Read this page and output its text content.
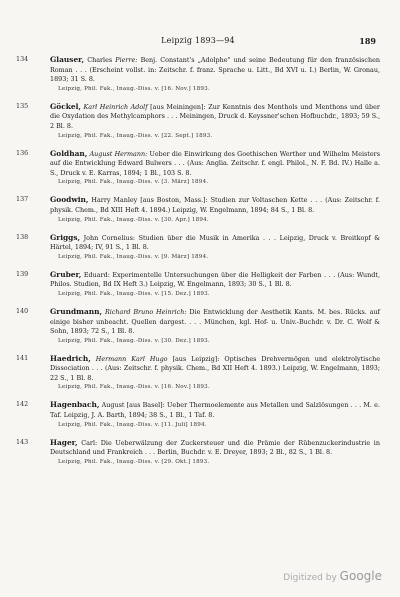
Leipzig 1893—94	189
134	Glauser, Charles Pierre: Benj. Constant's „Adolphe" und seine Bedeutung für den französischen Roman . . . (Erscheint vollst. in: Zeitschr. f. franz. Sprache u. Litt., Bd XVI u. I.) Berlin, W. Gronau, 1893; 31 S. 8.
Leipzig, Phil. Fak., Inaug.-Diss. v. [16. Nov.] 1893.
135	Göckel, Karl Heinrich Adolf [aus Meiningen]: Zur Kenntnis des Menthols und Menthons und über die Oxydation des Methylcamphors . . . Meiningen, Druck d. Keyssner'schen Hofbuchdr., 1893; 59 S., 2 Bl. 8.
Leipzig, Phil. Fak., Inaug.-Diss. v. [22. Sept.] 1893.
136	Goldhan, August Hermann: Ueber die Einwirkung des Goethischen Werther und Wilhelm Meisters auf die Entwicklung Edward Bulwers . . . (Aus: Anglia. Zeitschr. f. engl. Philol., N. F. Bd. IV.) Halle a. S., Druck v. E. Karras, 1894; 1 Bl., 103 S. 8.
Leipzig, Phil. Fak., Inaug.-Diss. v. [3. März] 1894.
137	Goodwin, Harry Manley [aus Boston, Mass.]: Studien zur Voltaschen Kette . . . (Aus: Zeitschr. f. physik. Chem., Bd XIII Heft 4. 1894.) Leipzig, W. Engelmann, 1894; 84 S., 1 Bl. 8.
Leipzig, Phil. Fak., Inaug.-Diss. v. [30. Apr.] 1894.
138	Griggs, John Cornelius: Studien über die Musik in Amerika . . . Leipzig, Druck v. Breitkopf & Härtel, 1894; IV, 91 S., 1 Bl. 8.
Leipzig, Phil. Fak., Inaug.-Diss. v. [9. März] 1894.
139	Gruber, Eduard: Experimentelle Untersuchungen über die Helligkeit der Farben . . . (Aus: Wundt, Philos. Studien, Bd IX Heft 3.) Leipzig, W. Engelmann, 1893; 30 S., 1 Bl. 8.
Leipzig, Phil. Fak., Inaug.-Diss. v. [15. Dez.] 1893.
140	Grundmann, Richard Bruno Heinrich: Die Entwicklung der Aesthetik Kants. M. bes. Rücks. auf einige bisher unbeacht. Quellen dargest. . . . München, kgl. Hof- u. Univ.-Buchdr. v. Dr. C. Wolf & Sohn, 1893; 72 S., 1 Bl. 8.
Leipzig, Phil. Fak., Inaug.-Diss. v. [30. Dez.] 1893.
141	Haedrich, Hermann Karl Hugo [aus Leipzig]: Optisches Drehvermögen und elektrolytische Dissociation . . . (Aus: Zeitschr. f. physik. Chem., Bd XII Heft 4. 1893.) Leipzig, W. Engelmann, 1893; 22 S., 1 Bl. 8.
Leipzig, Phil. Fak., Inaug.-Diss. v. [16. Nov.] 1893.
142	Hagenbach, August [aus Basel]: Ueber Thermoelemente aus Metallen und Salzlösungen . . . M. e. Taf. Leipzig, J. A. Barth, 1894; 38 S., 1 Bl., 1 Taf. 8.
Leipzig, Phil. Fak., Inaug.-Diss. v. [11. Juli] 1894.
143	Hager, Carl: Die Ueberwälzung der Zuckersteuer und die Prämie der Rübenzuckerindustrie in Deutschland und Frankreich . . . Berlin, Buchdr. v. E. Dreyer, 1893; 2 Bl., 82 S., 1 Bl. 8.
Leipzig, Phil. Fak., Inaug.-Diss. v. [29. Okt.] 1893.
Digitized by Google
